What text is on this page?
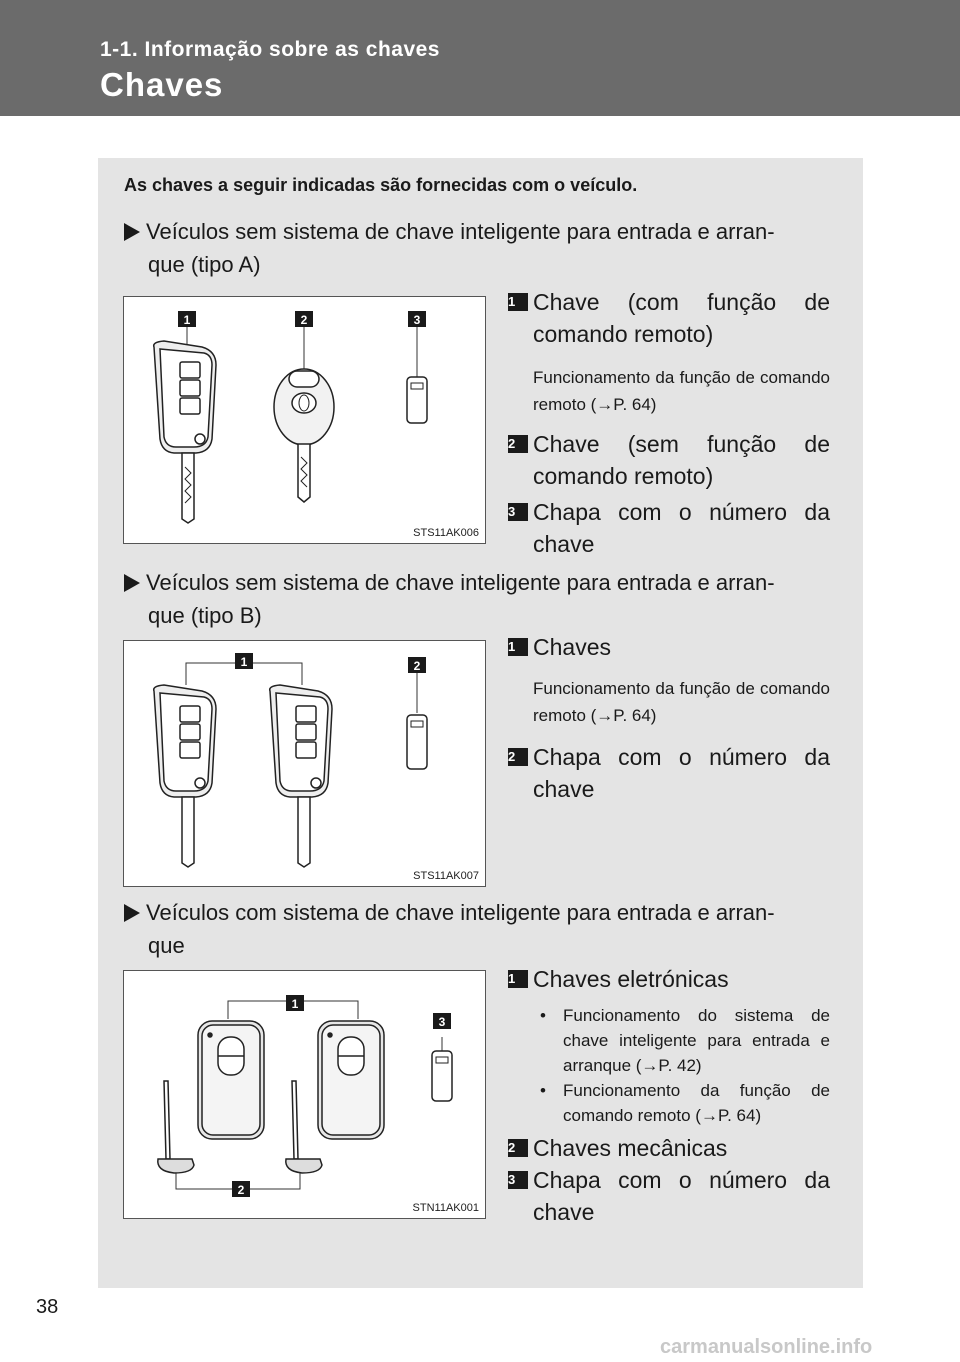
1-1. Informação sobre as chaves
Chaves
As chaves a seguir indicadas são fornecidas com o veículo.
Veículos sem sistema de chave inteligente para entrada e arran-
que (tipo A)
1	2	3
STS11AK006
1 Chave (com função de comando remoto)
Funcionamento da função de comando remoto (→P. 64)
2 Chave (sem função de comando remoto)
3 Chapa com o número da chave
Veículos sem sistema de chave inteligente para entrada e arran-
que (tipo B)
1	2
STS11AK007
1 Chaves
Funcionamento da função de comando remoto (→P. 64)
2 Chapa com o número da chave
Veículos com sistema de chave inteligente para entrada e arran-
que
1
2
3
STN11AK001
1 Chaves eletrónicas
• Funcionamento do sistema de chave inteligente para entrada e arranque (→P. 42)
• Funcionamento da função de comando remoto (→P. 64)
2 Chaves mecânicas
3 Chapa com o número da chave
38
carmanualsonline.info
